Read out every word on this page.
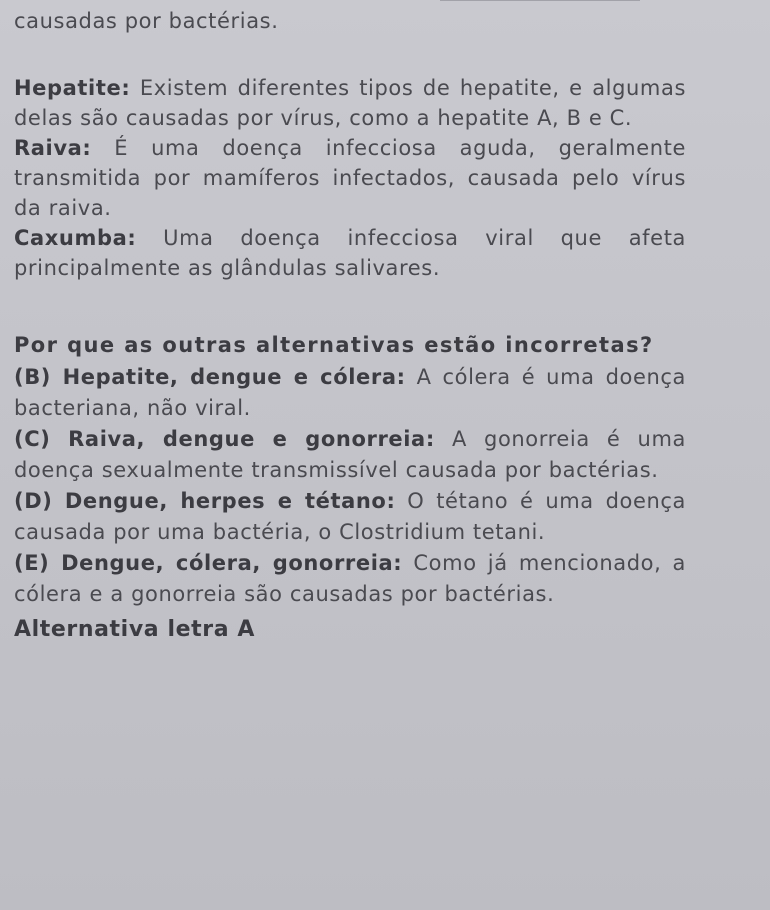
causadas por bactérias.

Hepatite: Existem diferentes tipos de hepatite, e algumas delas são causadas por vírus, como a hepatite A, B e C.

Raiva: É uma doença infecciosa aguda, geralmente transmitida por mamíferos infectados, causada pelo vírus da raiva.

Caxumba: Uma doença infecciosa viral que afeta principalmente as glândulas salivares.

Por que as outras alternativas estão incorretas?

(B) Hepatite, dengue e cólera: A cólera é uma doença bacteriana, não viral.

(C) Raiva, dengue e gonorreia: A gonorreia é uma doença sexualmente transmissível causada por bactérias.

(D) Dengue, herpes e tétano: O tétano é uma doença causada por uma bactéria, o Clostridium tetani.

(E) Dengue, cólera, gonorreia: Como já mencionado, a cólera e a gonorreia são causadas por bactérias.

Alternativa letra A
